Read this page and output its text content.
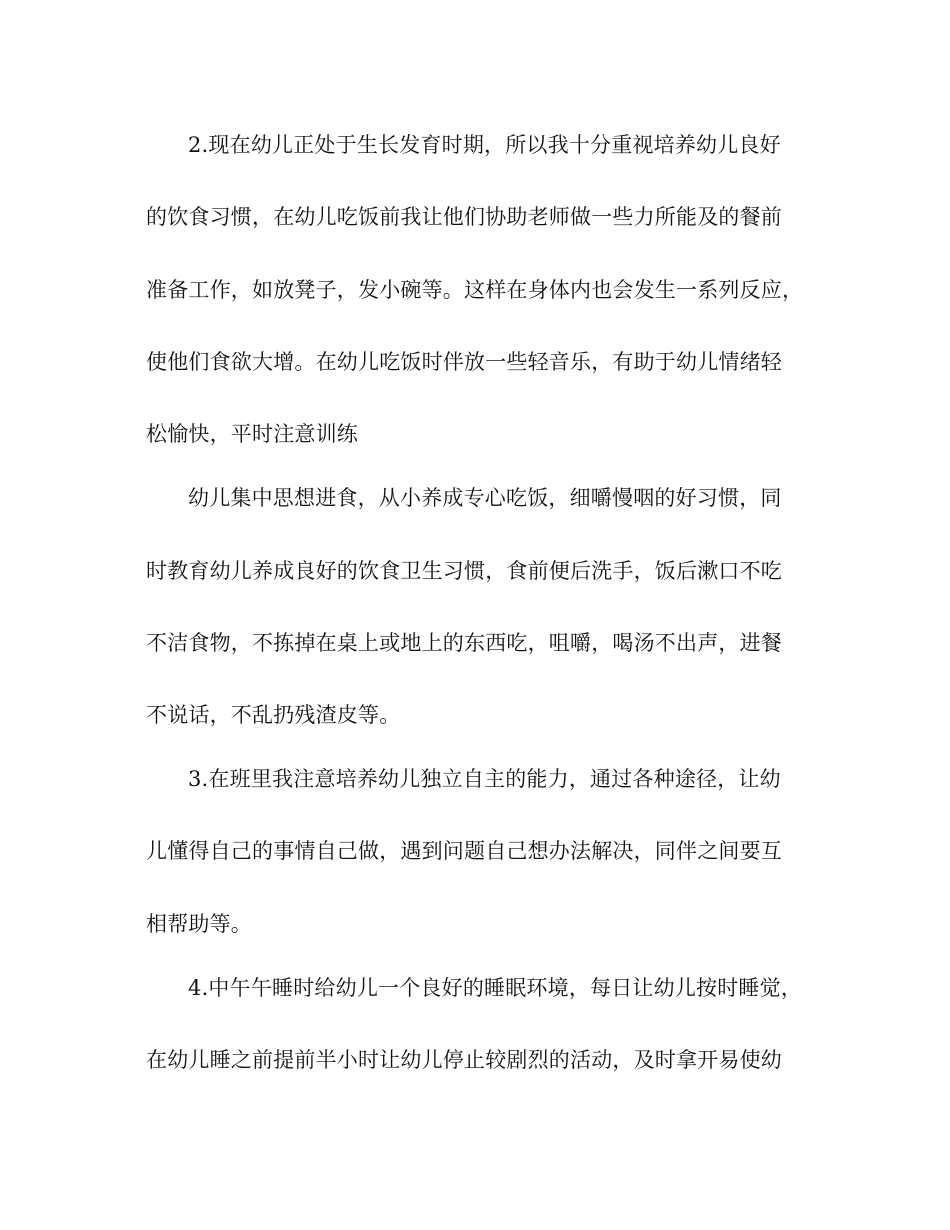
2.现在幼儿正处于生长发育时期，所以我十分重视培养幼儿良好
的饮食习惯，在幼儿吃饭前我让他们协助老师做一些力所能及的餐前
准备工作，如放凳子，发小碗等。这样在身体内也会发生一系列反应，
使他们食欲大增。在幼儿吃饭时伴放一些轻音乐，有助于幼儿情绪轻
松愉快，平时注意训练
幼儿集中思想进食，从小养成专心吃饭，细嚼慢咽的好习惯，同
时教育幼儿养成良好的饮食卫生习惯，食前便后洗手，饭后漱口不吃
不洁食物，不拣掉在桌上或地上的东西吃，咀嚼，喝汤不出声，进餐
不说话，不乱扔残渣皮等。
3.在班里我注意培养幼儿独立自主的能力，通过各种途径，让幼
儿懂得自己的事情自己做，遇到问题自己想办法解决，同伴之间要互
相帮助等。
4.中午午睡时给幼儿一个良好的睡眠环境，每日让幼儿按时睡觉，
在幼儿睡之前提前半小时让幼儿停止较剧烈的活动，及时拿开易使幼
